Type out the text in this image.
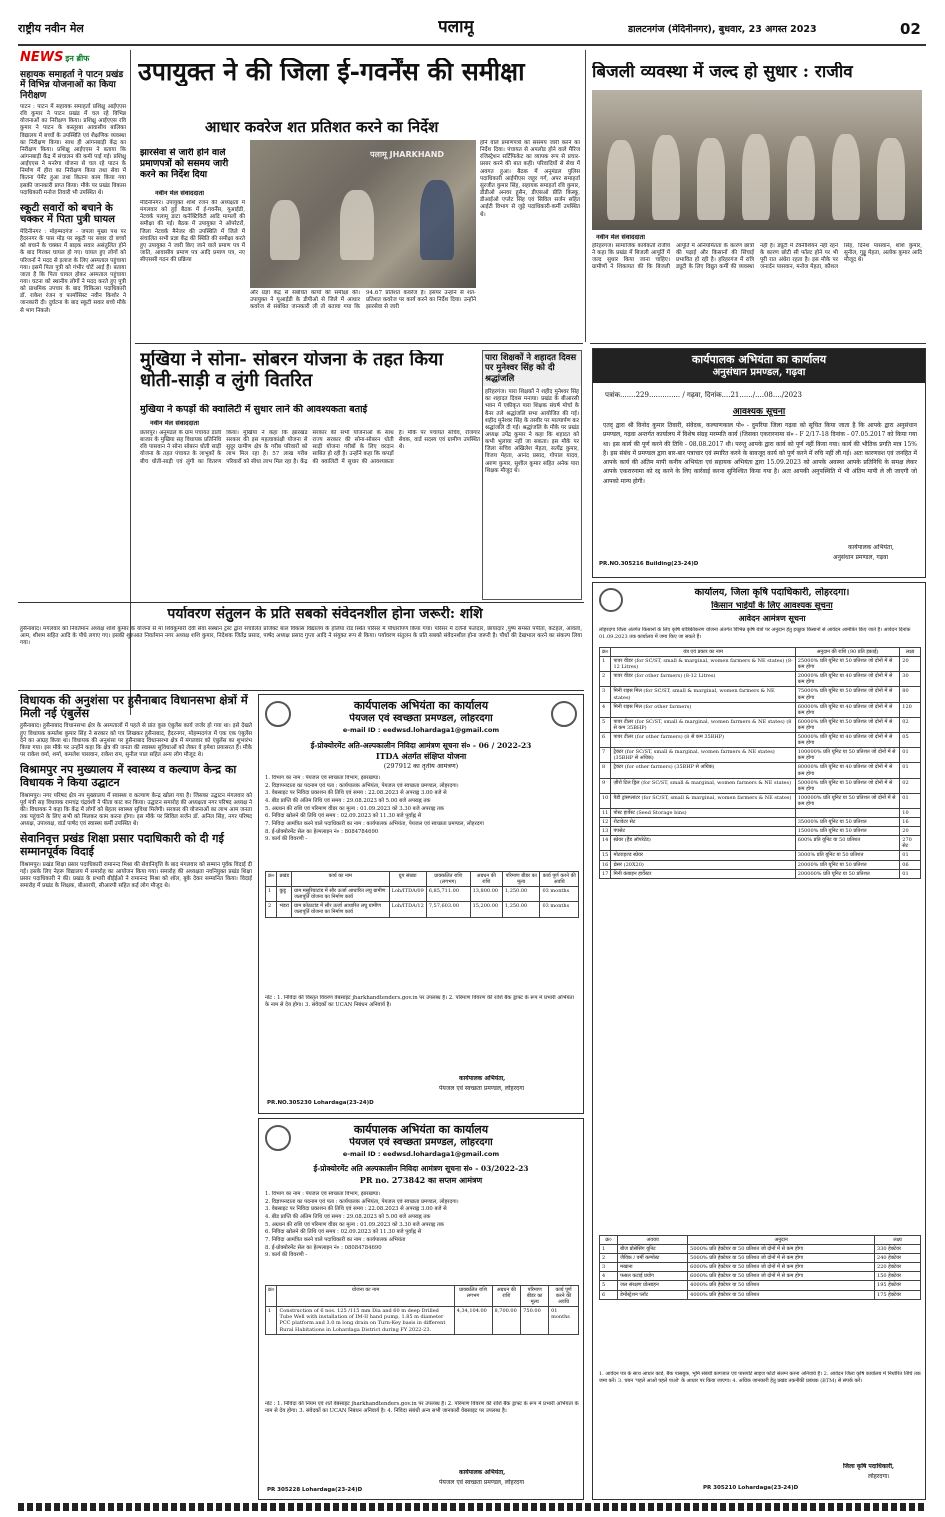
राष्ट्रीय नवीन मेल	पलामू	डालटनगंज (मेदिनीनगर), बुधवार, 23 अगस्त 2023	02
NEWS इन ब्रीफ
सहायक समाहर्ता ने पाटन प्रखंड में विभिन्न योजनाओं का किया निरीक्षण
पाटन : पाटन में सहायक समाहर्ता प्रशिक्षु आईएएस रवि कुमार ने पाटन प्रखंड में चल रहे विभिन्न योजनाओं का निरीक्षण किया। प्रशिक्षु आईएएस रवि कुमार ने पाटन के कस्तूरबा आवासीय बालिका विद्यालय में बच्चों के उपस्थिति एवं शैक्षणिक व्यवस्था का निरीक्षण किया। साथ ही आंगनबाड़ी केंद्र का निरीक्षण किया। प्रशिक्षु आईएएस ने बताया कि आंगनबाड़ी केंद्र में संचालन की कमी पाई गई। प्रशिक्षु आईएएस ने मनरेगा योजना से चल रहे पाटन के निर्माण में हीरा का निरीक्षण किया तथा सेवा में कितना पेमेंट हुआ तथा कितना काम किया गया इसकी जानकारी प्राप्त किया। मौके पर प्रखंड विकास पदाधिकारी मनोज तिवारी भी उपस्थित थे।
स्कूटी सवारों को बचाने के चक्कर में पिता पुत्री घायल
मेदिनीनगर : मोहम्मदगंज - जपला मुख्य पथ पर हैदरनगर के पास मोड़ पर स्कूटी पर सवार दो बच्चों को बचाने के चक्कर में बाइक सवार असंतुलित होने के बाद गिरकर घायल हो गए। घायल हुए लोगों को परिजनों ने मदद से इलाज के लिए अस्पताल पहुंचाया गया। इसमें पिता पुत्री को गंभीर चोटें आई हैं। बताया जाता है कि पिता घायल होकर अस्पताल पहुंचाया गया। घटना को स्थानीय लोगों ने मदद करते हुए पुत्री को प्राथमिक उपचार के बाद चिकित्सा पदाधिकारी डॉ. राकेश रंजन व फार्मासिस्ट नवीन किशोर ने जानकारी दी। दुर्घटना के बाद स्कूटी सवार बच्चे मौके से भाग निकले।
उपायुक्त ने की जिला ई-गवर्नेंस की समीक्षा
आधार कवरेज शत प्रतिशत करने का निर्देश
झारसेवा से जारी होने वाले प्रमाणपत्रों को ससमय जारी करने का निर्देश दिया
नवीन मेल संवाददाता
मेदिनीनगर। उपायुक्त शशि रंजन की अध्यक्षता में मंगलवार को हुई बैठक में ई-गवर्नेंस, यूआईडी, नेटवर्क पलामू डाटा कनेक्टिविटी आदि मामलों की समीक्षा की गई। बैठक में उपायुक्त ने ऑपरेटरों, जिला नेटवर्क मैनेजर की उपस्थिति में जिले में संचालित सभी प्रज्ञा केंद्र की स्थिति की समीक्षा करते हुए उपायुक्त ने जारी किए जाने वाले प्रमाण पत्र में जाति, आवासीय प्रमाण पत्र आदि प्रमाण पत्र, नए सीएससी गठन की प्रक्रिया
पलामू JHARKHAND
और प्रज्ञा केंद्र से संबंधित कार्यों की समीक्षा की। उपायुक्त ने यूआईडी के डीपीओ से जिले में आधार कवरेज से संबंधित जानकारी ली तो बताया गया कि 94.67 प्रतिशत कवरेज है। इसपर उन्होंने से शत-प्रतिशत कवरेज पर कार्य करने का निर्देश दिया। उन्होंने झारसेवा से जारी
होने वाले प्रमाणपत्रों को ससमय जारी करने का निर्देश दिया। पंचायत से अपलोड होने वाले मैरिज रजिस्ट्रेशन सर्टिफिकेट का व्यापक रूप से प्रचार-प्रसार करने की बात कही। परिवादियों से सेवा में अवगत हुआ। बैठक में अनुमंडल पुलिस पदाधिकारी आईपीएस जहूर गर्ग, अपर समाहर्ता सुरजीत कुमार सिंह, सहायक समाहर्ता रवि कुमार, डीडीओ अनवर हुसैन, डीएसओ प्रीति किस्कू, डीआईओ एप्लेट सिंह एवं सिविल सर्जन सहित आईटी विभाग से जुड़े पदाधिकारी-कर्मी उपस्थित थे।
बिजली व्यवस्था में जल्द हो सुधार : राजीव
नवीन मेल संवाददाता
हरिहरगंज। सामाजिक कार्यकर्ता राजीव ने कहा कि प्रखंड में बिजली आपूर्ति में जल्द सुधार किया जाना चाहिए। ग्रामीणों ने शिकायत की कि बिजली आपूर्ति में अनियमितता के कारण छात्रों की पढ़ाई और किसानों की सिंचाई प्रभावित हो रही है। हरिहरगंज में रात्रि ड्यूटी के लिए विद्युत कर्मी की व्यवस्था नहीं है। ड्यूटी में टेक्नीशियन नहीं रहने के कारण छोटी सी फॉल्ट होने पर भी पूरी रात अंधेरा रहता है। इस मौके पर जनार्दन पासवान, मनोज मेहता, कौशल सिंह, दिनेश पासवान, शशि कुमार, सुनील, गुड्डू मेहता, अलोक कुमार आदि मौजूद थे।
मुखिया ने सोना- सोबरन योजना के तहत किया धोती-साड़ी व लुंगी वितरित
मुखिया ने कपड़ों की क्वालिटी में सुधार लाने की आवश्यकता बताई
नवीन मेल संवाददाता
छतरपुर। अनुमंडल के ग्राम पंचायत डाली बाजार के मुखिया सह विधायक प्रतिनिधि रवि पासवान ने सोना सोबरन धोती साड़ी योजना के तहत पंचायत के लाभुकों के बीच धोती-साड़ी एवं लुंगी का वितरण किया। मुखिया ने कहा कि झारखंड सरकार की इस महत्वाकांक्षी योजना से सुदूर ग्रामीण क्षेत्र के गरीब परिवारों को लाभ मिल रहा है। 57 लाख गरीब परिवारों को सीधा लाभ मिल रहा है। केंद्र सरकार की सभी योजनाओं के साथ राज्य सरकार की सोना-सोबरन धोती साड़ी योजना गरीबों के लिए वरदान साबित हो रही है। उन्होंने कहा कि कपड़ों की क्वालिटी में सुधार की आवश्यकता है। मौके पर पंचायत सचिव, रोजगार सेवक, वार्ड सदस्य एवं ग्रामीण उपस्थित थे।
पारा शिक्षकों ने शहादत दिवस पर मुनेश्वर सिंह को दी श्रद्धांजलि
हरिहरगंज। पारा शिक्षकों ने शहीद मुनेश्वर सिंह का शहादत दिवस मनाया। प्रखंड के बीआरसी भवन में एकीकृत पारा शिक्षक संघर्ष मोर्चा के बैनर तले श्रद्धांजलि सभा आयोजित की गई। शहीद मुनेश्वर सिंह के तस्वीर पर माल्यार्पण कर श्रद्धांजलि दी गई। श्रद्धांजलि के मौके पर प्रखंड अध्यक्ष उपेंद्र कुमार ने कहा कि शहादत को कभी भुलाया नहीं जा सकता। इस मौके पर जिला सचिव अखिलेश मेहता, सत्येंद्र कुमार, विजय मेहता, आनंद प्रसाद, गोपाल यादव, अरुण कुमार, सुशील कुमार सहित अनेक पारा शिक्षक मौजूद थे।
पर्यावरण संतुलन के प्रति सबको संवेदनशील होना जरूरी: शशि
हुसैनाबाद। मंगलवार को निवर्तमान अध्यक्ष शशि कुमार के योजना से मां शिवकुमारी देवी सेवा संस्थान ट्रस्ट द्वारा संचालित प्रोजेक्ट बाल विकास विद्यालय के होलेया रोड स्थित परिसर में पौधारोपण किया गया। परिसर में दर्जनों फलदार, छायादार ,पुष्प समस्त पपीता, कटहल, आंवला, आम, शीशम सहित आदि के पौधे लगाए गए। इसकी शुरुआत निवर्तमान नगर अध्यक्ष शशि कुमार, निदेशक जितेंद्र प्रसाद, पार्षद अध्यक्ष प्रसाद गुप्ता आदि ने संयुक्त रूप से किया। पर्यावरण संतुलन के प्रति सबको संवेदनशील होना जरूरी है। पौधों की देखभाल करने का संकल्प लिया गया।
विधायक की अनुशंसा पर हुसैनाबाद विधानसभा क्षेत्रों में मिली नई एंबुलेंस
हुसैनाबाद। हुसैनाबाद विधानसभा क्षेत्र के अस्पतालों में पहले से प्रांत कुछ एंबुलेंस कार्य जर्जर हो गया था। इसे देखते हुए विधायक कमलेश कुमार सिंह ने सरकार को पत्र लिखकर हुसैनाबाद, हैदरनगर, मोहम्मदगंज में एक एक एंबुलेंस देने का आग्रह किया था। विधायक की अनुशंसा पर हुसैनाबाद विधानसभा क्षेत्र में मंगलवार को एंबुलेंस का शुभारंभ किया गया। इस मौके पर उन्होंने कहा कि क्षेत्र की जनता की स्वास्थ्य सुविधाओं को लेकर वे हमेशा प्रयासरत हैं। मौके पर राकेश वर्मा, शर्मा, कमलेश पासवान, राकेश राम, सुनील पाल सहित अन्य लोग मौजूद थे।
विश्रामपुर नप मुख्यालय में स्वास्थ्य व कल्याण केन्द्र का विधायक ने किया उद्घाटन
विश्रामपुर। नगर परिषद क्षेत्र नप मुख्यालय में स्वास्थ्य व कल्याण केन्द्र खोला गया है। जिसका उद्घाटन मंगलवार को पूर्व मंत्री सह विधायक रामचंद्र चंद्रवंशी ने फीता काट कर किया। उद्घाटन समारोह की अध्यक्षता नगर परिषद अध्यक्ष ने की। विधायक ने कहा कि केंद्र में लोगों को बेहतर स्वास्थ्य सुविधा मिलेगी। सरकार की योजनाओं का लाभ आम जनता तक पहुंचाने के लिए सभी को मिलकर काम करना होगा। इस मौके पर सिविल सर्जन डॉ. अनिल सिंह, नगर परिषद अध्यक्ष, उपाध्यक्ष, वार्ड पार्षद एवं स्वास्थ्य कर्मी उपस्थित थे।
सेवानिवृत्त प्रखंड शिक्षा प्रसार पदाधिकारी को दी गई सम्मानपूर्वक विदाई
विश्रामपुर। प्रखंड शिक्षा प्रसार पदाधिकारी रामानन्द मिश्रा की सेवानिवृत्ति के बाद मंगलवार को सम्मान पूर्वक विदाई दी गई। इसके लिए नेहरू विद्यालय में समारोह का आयोजन किया गया। समारोह की अध्यक्षता नवनियुक्त प्रखंड शिक्षा प्रसार पदाधिकारी ने की। प्रखंड के प्रभारी बीईईओ ने रामानन्द मिश्रा को शॉल, बुके देकर सम्मानित किया। विदाई समारोह में प्रखंड के शिक्षक, बीआरपी, सीआरपी सहित कई लोग मौजूद थे।
कार्यपालक अभियंता का कार्यालय
पेयजल एवं स्वच्छता प्रमण्डल, लोहरदगा
e-mail ID : eedwsd.lohardaga1@gmail.com
ई-प्रोक्योरमेंट अति-अल्पकालीन निविदा आमंत्रण सूचना सं० - 06 / 2022-23
ITDA अंतर्गत संक्षिप्त योजना
(297912 का तृतीय आमंत्रण)
1. विभाग का नाम : पेयजल एवं स्वच्छता विभाग, झारखण्ड।
2. विज्ञापनदाता का पदनाम एवं पता : कार्यपालक अभियंता, पेयजल एवं स्वच्छता प्रमण्डल, लोहरदगा।
3. वेबसाइट पर निविदा प्रकाशन की तिथि एवं समय : 22.08.2023 से अपराह्न 3.00 बजे से
4. बीड प्राप्ति की अंतिम तिथि एवं समय : 29.08.2023 को 5.00 बजे अपराह्न तक
5. अग्रधन की राशि एवं परिमाण वीडर का मूल्य : 01.09.2023 को 3.30 बजे अपराह्न तक
6. निविदा खोलने की तिथि एवं समय : 02.09.2023 को 11.30 बजे पूर्वाह्न से
7. निविदा आमंत्रित करने वाले पदाधिकारी का नाम : कार्यपालक अभियंता, पेयजल एवं स्वच्छता प्रमण्डल, लोहरदगा
8. ई-प्रोक्योरमेंट सेल का हेल्पलाइन नं० : 8084784690
9. कार्य की विवरणी -
क्र०	प्रखंड	कार्य का नाम	ग्रुप संख्या	प्राक्कलित राशि (लगभग)	अग्रधन की राशि	परिमाण बीडर का मूल्य	कार्य पूर्ण करने की अवधि
1	कुडू	ग्राम मसूरियाटांड में सौर ऊर्जा आधारित लघु ग्रामीण जलापूर्ति योजना का निर्माण कार्य	Loh/ITDA/09	6,85,711.00	13,800.00	1,250.00	03 months
2	भंडरा	ग्राम कोठाटांड में सौर ऊर्जा आधारित लघु ग्रामीण जलापूर्ति योजना का निर्माण कार्य	Loh/ITDA/12	7,57,603.00	15,200.00	1,250.00	03 months
नोट : 1. निविदा की विस्तृत विवरण वेबसाइट jharkhandtenders.gov.in पर उपलब्ध है। 2. परिमाण विवरण की राशि बैंक ड्राफ्ट के रूप में प्रभारी अभियंता के नाम से देय होगा। 3. संवेदकों का UCAN निबंधन अनिवार्य है।
कार्यपालक अभियंता,
पेयजल एवं स्वच्छता प्रमण्डल, लोहरदगा
PR.NO.305230 Lohardaga(23-24)D
कार्यपालक अभियंता का कार्यालय
पेयजल एवं स्वच्छता प्रमण्डल, लोहरदगा
e-mail ID : eedwsd.lohardaga1@gmail.com
ई-प्रोक्योरमेंट अति अल्पकालीन निविदा आमंत्रण सूचना सं० - 03/2022-23
PR no. 273842 का सप्तम आमंत्रण
1. विभाग का नाम : पेयजल एवं स्वच्छता विभाग, झारखण्ड।
2. विज्ञापनदाता का पदनाम एवं पता : कार्यपालक अभियंता, पेयजल एवं स्वच्छता प्रमण्डल, लोहरदगा।
3. वेबसाइट पर निविदा प्रकाशन की तिथि एवं समय : 22.08.2023 से अपराह्न 3.00 बजे से
4. बीड प्राप्ति की अंतिम तिथि एवं समय : 29.08.2023 को 5.00 बजे अपराह्न तक
5. अग्रधन की राशि एवं परिमाण वीडर का मूल्य : 01.09.2023 को 3.30 बजे अपराह्न तक
6. निविदा खोलने की तिथि एवं समय : 02.09.2023 को 11.30 बजे पूर्वाह्न से
7. निविदा आमंत्रित करने वाले पदाधिकारी का नाम : कार्यपालक अभियंता
8. ई-प्रोक्योरमेंट सेल का हेल्पलाइन नं० : 08084784690
9. कार्य की विवरणी -
क्र०	योजना का नाम	प्राक्कलित राशि लगभग	अग्रधन की राशि	परिमाण बीडर का मूल्य	कार्य पूर्ण करने की अवधि
1	Construction of 6 nos. 125 /115 mm Dia and 60 m deep Drilled Tube Well with installation of IM-II hand pump, 1.85 m diameter PCC platform and 3.0 m long drain on Turn-Key basis in different Rural Habitations in Lohardaga District during FY 2022-23.	4,34,104.00	8,700.00	750.00	01 months
नोट : 1. निविदा की नियम एवं शर्तें वेबसाइट jharkhandtenders.gov.in पर उपलब्ध है। 2. परिमाण विवरण की राशि बैंक ड्राफ्ट के रूप में प्रभारी अभियंता के नाम से देय होगा। 3. संवेदकों का UCAN निबंधन अनिवार्य है। 4. निविदा संबंधी अन्य सभी जानकारी वेबसाइट पर उपलब्ध है।
कार्यपालक अभियंता,
पेयजल एवं स्वच्छता प्रमण्डल, लोहरदगा
PR 305228 Lohardaga(23-24)D
कार्यपालक अभियंता का कार्यालय
अनुसंधान प्रमण्डल, गढ़वा
पत्रांक.......229.............. / गढ़वा, दिनांक....21....../....08..../2023
आवश्यक सूचना
एतद् द्वारा श्री विनोद कुमार तिवारी, संवेदक, कल्याणकाल पो० - दुमरिया जिला गढ़वा को सूचित किया जाता है कि आपके द्वारा अनुसंधान प्रमण्डल, गढ़वा अन्तर्गत कार्यालय में विशेष संग्रह मरम्मति कार्य (जिसका एकरारनामा सं० - F 2/17-18 दिनांक - 07.05.2017 को किया गया था। इस कार्य की पूर्ण करने की तिथि - 08.08.2017 थी। परन्तु आपके द्वारा कार्य को पूर्ण नहीं किया गया। कार्य की भौतिक प्रगति मात्र 15% है। इस संबंध में प्रमण्डल द्वारा बार-बार पत्राचार एवं स्मारित करने के बावजूद कार्य को पूर्ण करने में रुचि नहीं ली गई। अतः कारणवश एवं जनहित में आपके कार्य की अंतिम मापी कनीय अभियंता एवं सहायक अभियंता द्वारा 15.09.2023 को आपके अवस्था आपके प्रतिनिधि के समक्ष लेकर आपके एकरारनामा को रद्द करने के लिए कार्रवाई करना सुनिश्चित किया गया है। अतः आपकी अनुपस्थिति में भी अंतिम मापी ले ली जाएगी जो आपको मान्य होगी।
कार्यपालक अभियंता,
अनुसंधान प्रमण्डल, गढ़वा
PR.NO.305216 Building(23-24)D
कार्यालय, जिला कृषि पदाधिकारी, लोहरदगा।
किसान भाईयों के लिए आवश्यक सूचना
आवेदन आमंत्रण सूचना
लोहरदगा जिला अंतर्गत किसानों के लिए कृषि यांत्रिकीकरण योजना अंतर्गत विभिन्न कृषि यंत्रों पर अनुदान हेतु इच्छुक किसानों से आवेदन आमंत्रित किए जाते हैं। आवेदन दिनांक 01.09.2023 तक कार्यालय में जमा किए जा सकते हैं।
क्र०	यंत्र एवं प्रकार का नाम	अनुदान की राशि (90 प्रति इकाई)	लक्ष्य
1	पावर वीडर (for SC/ST, small & marginal, women farmers & NE states) (8-12 Litres)	25000% प्रति यूनिट या 50 प्रतिशत जो दोनों में से कम होगा	20
2	पावर वीडर (for other farmers) (8-12 Litres)	20000% प्रति यूनिट या 40 प्रतिशत जो दोनों में से कम होगा	30
3	मिनी राइस मिल (for SC/ST, small & marginal, women farmers & NE states)	75000% प्रति यूनिट या 50 प्रतिशत जो दोनों में से कम होगा	80
4	मिनी राइस मिल (for other farmers)	60000% प्रति यूनिट या 40 प्रतिशत जो दोनों में से कम होगा	120
5	पावर टीलर (for SC/ST, small & marginal, women farmers & NE states) (8 से कम 35BHP)	60000% प्रति यूनिट या 50 प्रतिशत जो दोनों में से कम होगा	02
6	पावर टीलर (for other farmers) (8 से कम 35BHP)	50000% प्रति यूनिट या 40 प्रतिशत जो दोनों में से कम होगा	05
7	ट्रैक्टर (for SC/ST, small & marginal, women farmers & NE states) (35BHP से अधिक)	100000% प्रति यूनिट या 50 प्रतिशत जो दोनों में से कम होगा	01
8	ट्रैक्टर (for other farmers) (35BHP से अधिक)	80000% प्रति यूनिट या 40 प्रतिशत जो दोनों में से कम होगा	01
9	ज़ीरो टिल ड्रिल (for SC/ST, small & marginal, women farmers & NE states)	50000% प्रति यूनिट या 50 प्रतिशत जो दोनों में से कम होगा	02
10	पैडी ट्रांसप्लांटर (for SC/ST, small & marginal, women farmers & NE states)	100000% प्रति यूनिट या 50 प्रतिशत जो दोनों में से कम होगा	01
11	पोस्ट हार्वेस्ट (Seed Storage bins)		10
12	रोटावेटर सेट	35000% प्रति यूनिट या 50 प्रतिशत	16
13	पंपसेट	15000% प्रति यूनिट या 50 प्रतिशत	20
14	स्प्रेयर (हैंड ऑपरेटेड)	600% प्रति यूनिट या 50 प्रतिशत	270 सेट
15	मोटराइज्ड स्प्रेयर	3000% प्रति यूनिट या 50 प्रतिशत	01
16	थ्रेसर (20X20)	20000% प्रति यूनिट या 50 प्रतिशत	06
17	मिनी कंबाइन हार्वेस्टर	200000% प्रति यूनिट या 50 प्रतिशत	01
क्र०	अवयव	अनुदान	लक्ष्य
1	बीज प्रोसेसिंग यूनिट	5000% प्रति हेक्टेयर या 50 प्रतिशत जो दोनों में से कम होगा	330 हेक्टेयर
2	जैविक / वर्मी कम्पोस्ट	5000% प्रति हेक्टेयर या 50 प्रतिशत जो दोनों में से कम होगा	240 हेक्टेयर
3	मखाना	6000% प्रति हेक्टेयर या 50 प्रतिशत जो दोनों में से कम होगा	220 हेक्टेयर
4	फसल कटाई प्रयोग	6000% प्रति हेक्टेयर या 50 प्रतिशत जो दोनों में से कम होगा	150 हेक्टेयर
5	जल संरक्षण प्रोत्साहन	4000% प्रति हेक्टेयर या 50 प्रतिशत	195 हेक्टेयर
6	डेमोंस्ट्रेशन प्लॉट	4000% प्रति हेक्टेयर या 50 प्रतिशत	175 हेक्टेयर
1. आवेदन पत्र के साथ आधार कार्ड, बैंक पासबुक, भूमि संबंधी कागजात एवं पासपोर्ट साइज फोटो संलग्न करना अनिवार्य है। 2. आवेदन जिला कृषि कार्यालय में निर्धारित तिथि तक जमा करें। 3. चयन 'पहले आओ पहले पाओ' के आधार पर किया जाएगा। 4. अधिक जानकारी हेतु प्रखंड तकनीकी प्रबंधक (BTM) से संपर्क करें।
जिला कृषि पदाधिकारी,
लोहरदगा।
PR 305210 Lohardaga(23-24)D
